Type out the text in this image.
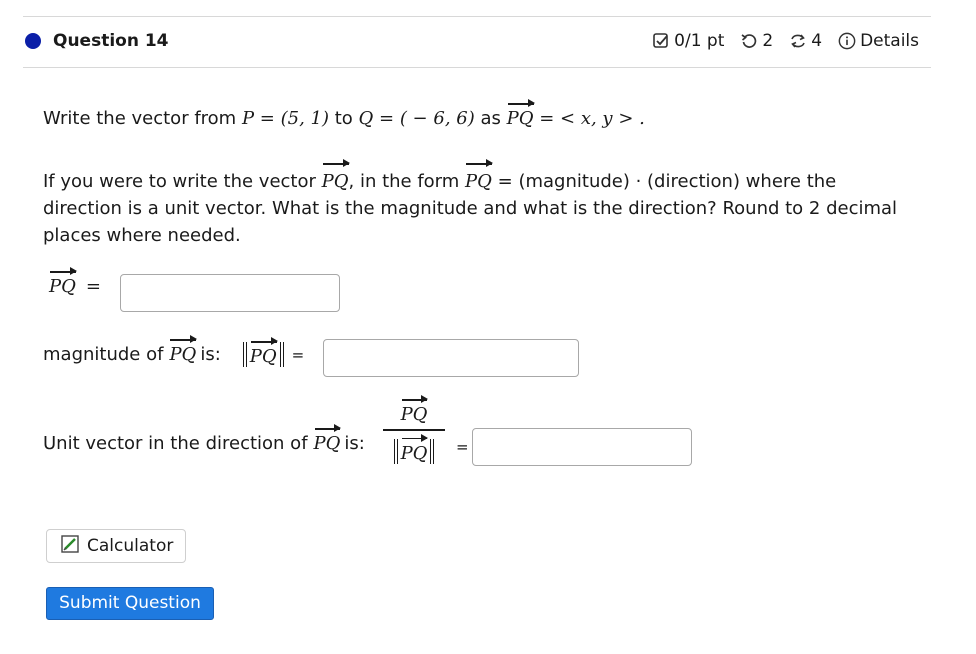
Question 14	0/1 pt 2 4 Details
Write the vector from P = (5, 1) to Q = ( − 6, 6) as PQ = < x, y > .
If you were to write the vector PQ, in the form PQ = (magnitude) · (direction) where the direction is a unit vector. What is the magnitude and what is the direction? Round to 2 decimal places where needed.
PQ =
magnitude of PQ is:	PQ	=
Unit vector in the direction of PQ is:
PQ
PQ	=
Calculator
Submit Question
